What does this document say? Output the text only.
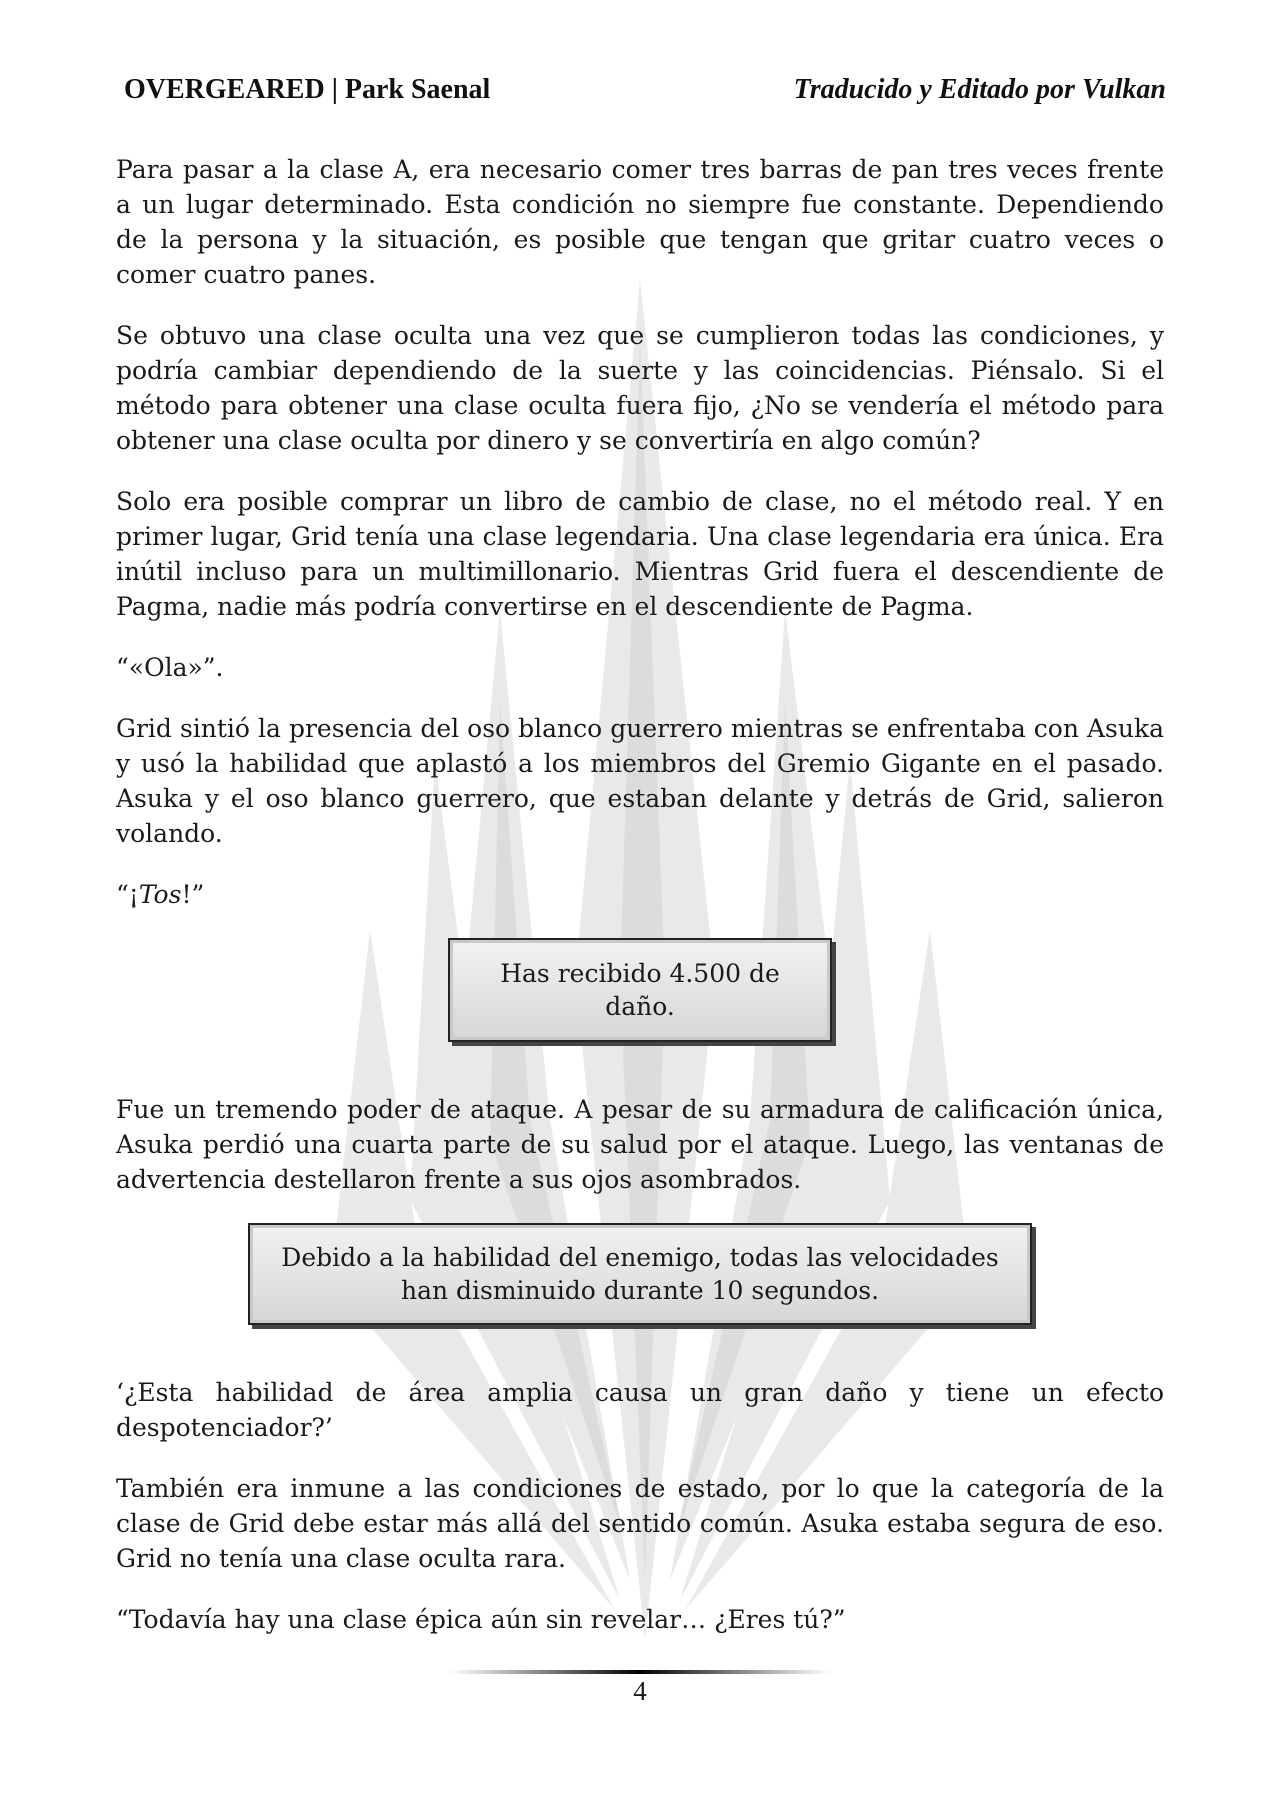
OVERGEARED | Park Saenal	Traducido y Editado por Vulkan

Para pasar a la clase A, era necesario comer tres barras de pan tres veces frente a un lugar determinado. Esta condición no siempre fue constante. Dependiendo de la persona y la situación, es posible que tengan que gritar cuatro veces o comer cuatro panes.

Se obtuvo una clase oculta una vez que se cumplieron todas las condiciones, y podría cambiar dependiendo de la suerte y las coincidencias. Piénsalo. Si el método para obtener una clase oculta fuera fijo, ¿No se vendería el método para obtener una clase oculta por dinero y se convertiría en algo común?

Solo era posible comprar un libro de cambio de clase, no el método real. Y en primer lugar, Grid tenía una clase legendaria. Una clase legendaria era única. Era inútil incluso para un multimillonario. Mientras Grid fuera el descendiente de Pagma, nadie más podría convertirse en el descendiente de Pagma.

“«Ola»”.

Grid sintió la presencia del oso blanco guerrero mientras se enfrentaba con Asuka y usó la habilidad que aplastó a los miembros del Gremio Gigante en el pasado. Asuka y el oso blanco guerrero, que estaban delante y detrás de Grid, salieron volando.

“¡Tos!”

Has recibido 4.500 de daño.

Fue un tremendo poder de ataque. A pesar de su armadura de calificación única, Asuka perdió una cuarta parte de su salud por el ataque. Luego, las ventanas de advertencia destellaron frente a sus ojos asombrados.

Debido a la habilidad del enemigo, todas las velocidades
han disminuido durante 10 segundos.

‘¿Esta habilidad de área amplia causa un gran daño y tiene un efecto despotenciador?’

También era inmune a las condiciones de estado, por lo que la categoría de la clase de Grid debe estar más allá del sentido común. Asuka estaba segura de eso. Grid no tenía una clase oculta rara.

“Todavía hay una clase épica aún sin revelar… ¿Eres tú?”

4
